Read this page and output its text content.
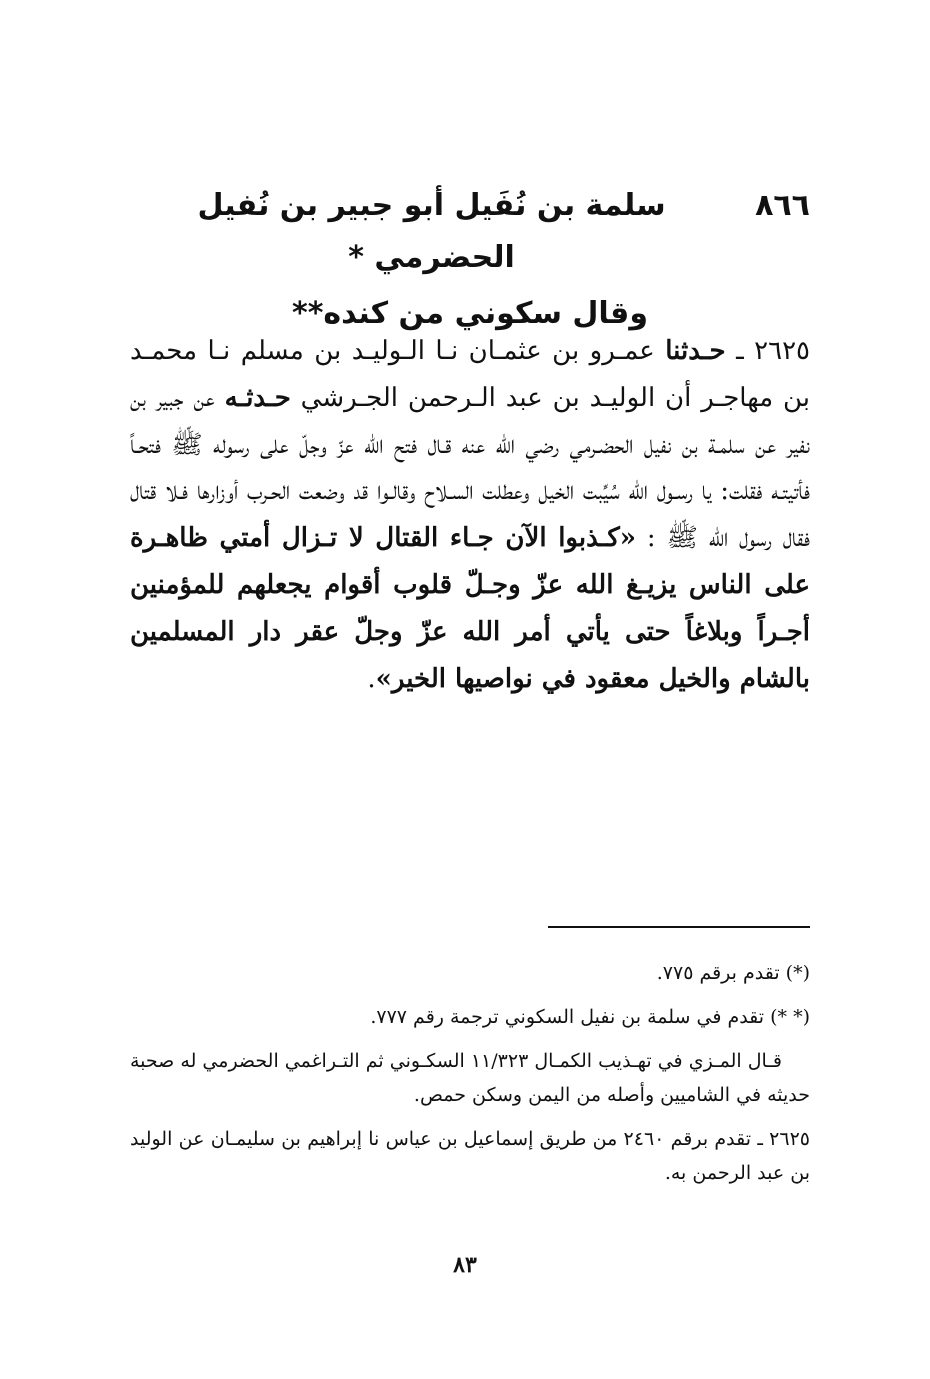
٨٦٦
سلمة بن نُفَيل أبو جبير بن نُفيل الحضرمي *
وقال سكوني من كنده**
٢٦٢٥ ـ حـدثنا عمـرو بن عثمـان نـا الـوليـد بن مسلم نـا محمـد بن مهاجـر أن الوليـد بن عبد الـرحمن الجـرشي حـدثـه عن جبير بن نفير عن سلمـة بن نفيل الحضـرمي رضي الله عنه قـال فتح الله عزّ وجلّ على رسوله ﷺ فتحـاً فأتيتـه فقلت: يا رسـول الله سُيِّبت الخيل وعطلت السـلاح وقالـوا قد وضعت الحـرب أوزارها فـلا قتال فقال رسول الله ﷺ : «كـذبوا الآن جـاء القتال لا تـزال أمتي ظاهـرة على الناس يزيـغ الله عزّ وجـلّ قلوب أقوام يجعلهم للمؤمنين أجـراً وبلاغاً حتى يأتي أمر الله عزّ وجلّ عقر دار المسلمين بالشام والخيل معقود في نواصيها الخير».

(*) تقدم برقم ٧٧٥.

(* *) تقدم في سلمة بن نفيل السكوني ترجمة رقم ٧٧٧.

قـال المـزي في تهـذيب الكمـال ١١/٣٢٣ السكـوني ثم التـراغمي الحضرمي له صحبة حديثه في الشاميين وأصله من اليمن وسكن حمص.

٢٦٢٥ ـ تقدم برقم ٢٤٦٠ من طريق إسماعيل بن عياس نا إبراهيم بن سليمـان عن الوليد بن عبد الرحمن به.

٨٣
